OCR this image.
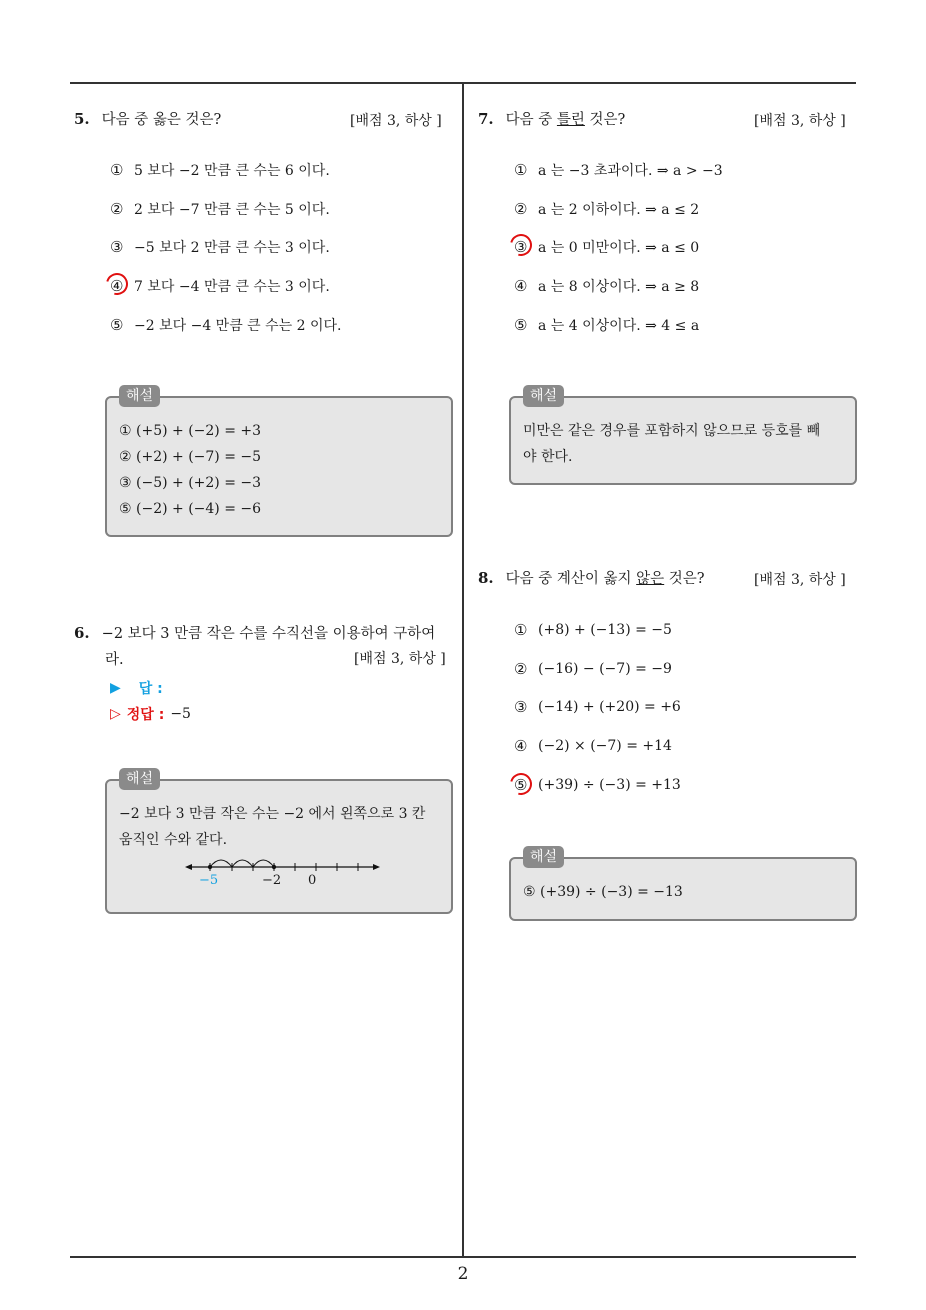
2
5. 다음 중 옳은 것은?	[배점 3, 하상 ]
① 5 보다 −2 만큼 큰 수는 6 이다.
② 2 보다 −7 만큼 큰 수는 5 이다.
③ −5 보다 2 만큼 큰 수는 3 이다.
④ 7 보다 −4 만큼 큰 수는 3 이다.
⑤ −2 보다 −4 만큼 큰 수는 2 이다.
① (+5) + (−2) = +3
② (+2) + (−7) = −5
③ (−5) + (+2) = −3
⑤ (−2) + (−4) = −6
해설
6. −2 보다 3 만큼 작은 수를 수직선을 이용하여 구하여
라.	[배점 3, 하상 ]
▶ 답 :
▷ 정답 : −5
−2 보다 3 만큼 작은 수는 −2 에서 왼쪽으로 3 칸
움직인 수와 같다.
−5	−2 0
해설
7. 다음 중 틀린 것은?	[배점 3, 하상 ]
① a 는 −3 초과이다. ⇒ a > −3
② a 는 2 이하이다. ⇒ a ≤ 2
③ a 는 0 미만이다. ⇒ a ≤ 0
④ a 는 8 이상이다. ⇒ a ≥ 8
⑤ a 는 4 이상이다. ⇒ 4 ≤ a
미만은 같은 경우를 포함하지 않으므로 등호를 빼
야 한다.
해설
8. 다음 중 계산이 옳지 않은 것은?	[배점 3, 하상 ]
① (+8) + (−13) = −5
② (−16) − (−7) = −9
③ (−14) + (+20) = +6
④ (−2) × (−7) = +14
⑤ (+39) ÷ (−3) = +13
⑤ (+39) ÷ (−3) = −13
해설
